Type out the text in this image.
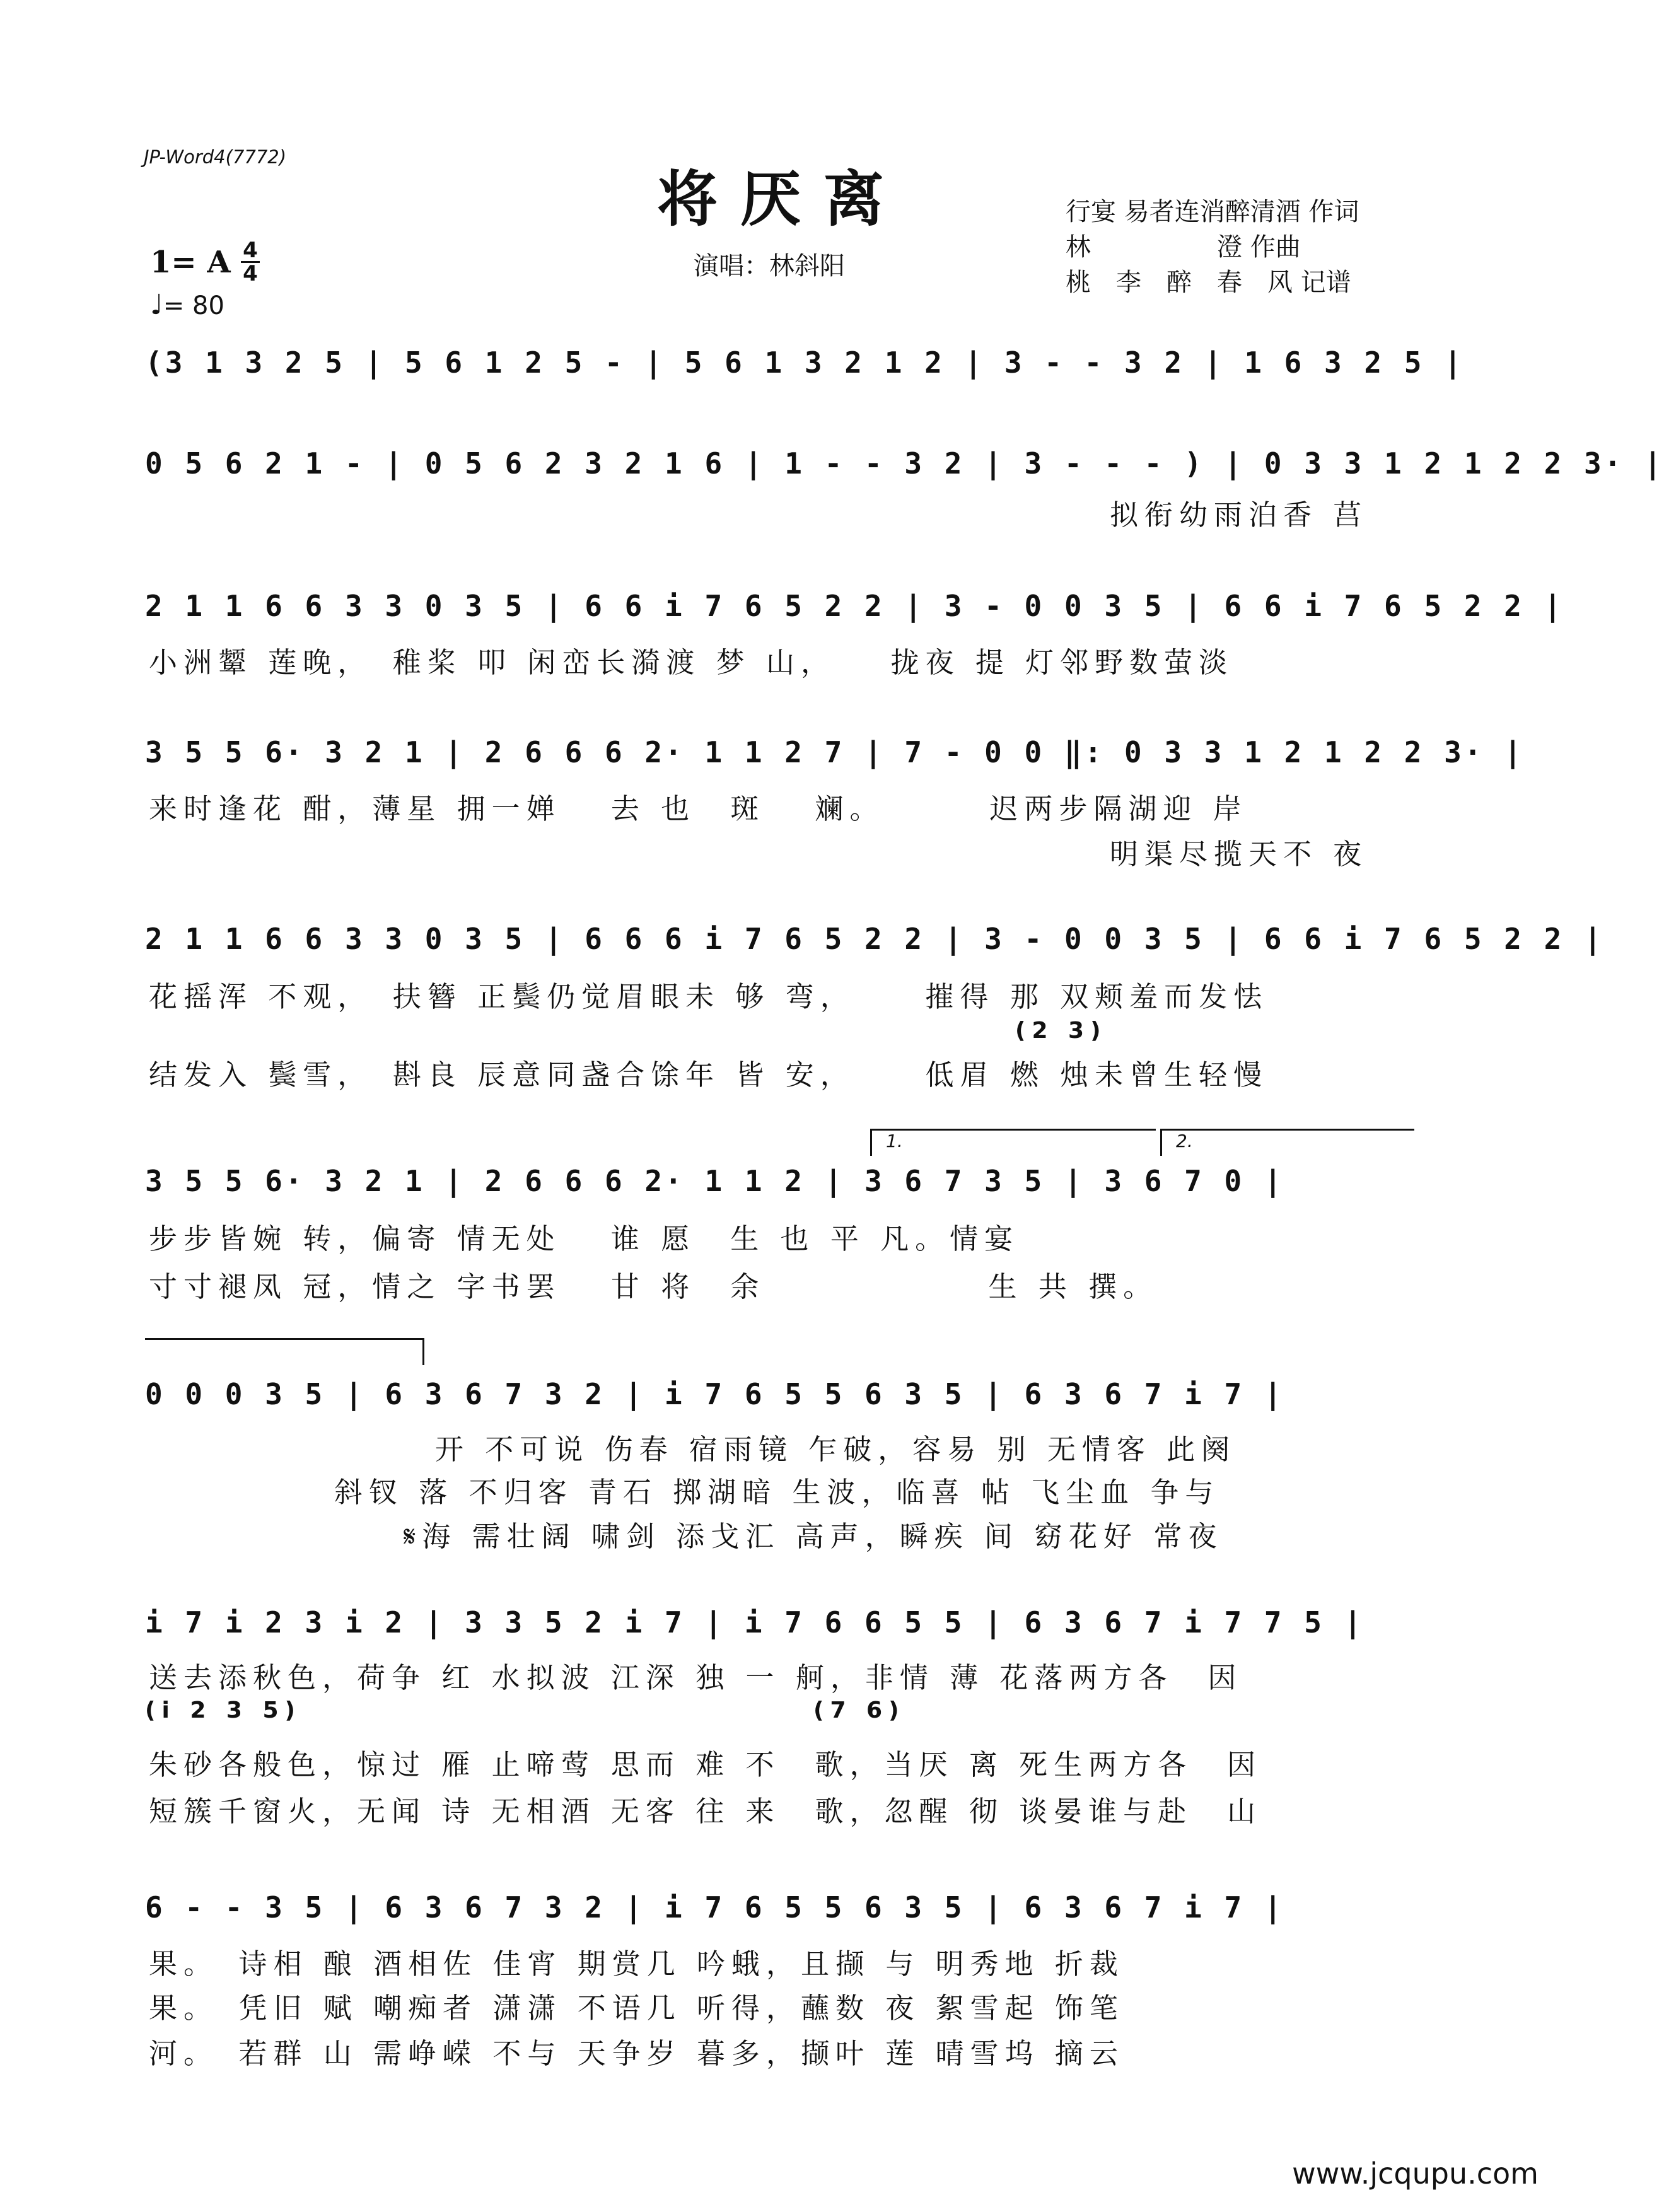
JP-Word4(7772)
将厌离
演唱：林斜阳
行宴 易者连消醉清酒 作词
林　　　　　澄 作曲
桃　李　醉　春　风 记谱
1= A 4
4
♩= 80
(3 1 3 2 5 | 5 6 1 2 5 - | 5 6 1 3 2 1 2 | 3 - - 3 2 | 1 6 3 2 5 |
0 5 6 2 1 - | 0 5 6 2 3 2 1 6 | 1 - - 3 2 | 3 - - - ) | 0 3 3 1 2 1 2 2 3· |
拟衔幼雨泊香 莒
2 1 1 6 6 3 3 0 3 5 | 6 6 i 7 6 5 2 2 | 3 - 0 0 3 5 | 6 6 i 7 6 5 2 2 |
小洲颦 莲晚，　稚桨 叩 闲峦长漪渡 梦 山，　　拢夜 提 灯邻野数萤淡
3 5 5 6· 3 2 1 | 2 6 6 6 2· 1 1 2 7 | 7 - 0 0 ‖: 0 3 3 1 2 1 2 2 3· |
来时逢花 酣，薄星 拥一婵　 去 也　斑　 斓。　　　 迟两步隔湖迎 岸
明渠尽揽天不 夜
2 1 1 6 6 3 3 0 3 5 | 6 6 6 i 7 6 5 2 2 | 3 - 0 0 3 5 | 6 6 i 7 6 5 2 2 |
花摇浑 不观，　扶簪 正鬓仍觉眉眼未 够 弯，　　 摧得 那 双颊羞而发怯
(2 3)
结发入 鬓雪，　斟良 辰意同盏合馀年 皆 安，　　 低眉 燃 烛未曾生轻慢
1.	2.
3 5 5 6· 3 2 1 | 2 6 6 6 2· 1 1 2 | 3 6 7 3 5 | 3 6 7 0 |
步步皆婉 转，偏寄 情无处　 谁 愿　生 也 平 凡。情宴
寸寸褪凤 冠，情之 字书罢　 甘 将　余　　　　　　 生 共 撰。
0 0 0 3 5 | 6 3 6 7 3 2 | i 7 6 5 5 6 3 5 | 6 3 6 7 i 7 |
开 不可说 伤春 宿雨镜 乍破，容易 别 无情客 此阕
斜钗 落 不归客 青石 掷湖暗 生波，临喜 帖 飞尘血 争与
𝄋海 需壮阔 啸剑 添戈汇 高声，瞬疾 间 窈花好 常夜
i 7 i 2 3 i 2 | 3 3 5 2 i 7 | i 7 6 6 5 5 | 6 3 6 7 i 7 7 5 |
送去添秋色，荷争 红 水拟波 江深 独 一 舸，非情 薄 花落两方各　因
(i 2 3 5)	(7 6)
朱砂各般色，惊过 雁 止啼莺 思而 难 不　歌，当厌 离 死生两方各　因
短簇千窗火，无闻 诗 无相酒 无客 往 来　歌，忽醒 彻 谈晏谁与赴　山
6 - - 3 5 | 6 3 6 7 3 2 | i 7 6 5 5 6 3 5 | 6 3 6 7 i 7 |
果。　诗相 酿 酒相佐 佳宵 期赏几 吟蛾，且撷 与 明秀地 折裁
果。　凭旧 赋 嘲痴者 潇潇 不语几 听得，蘸数 夜 絮雪起 饰笔
河。　若群 山 需峥嵘 不与 天争岁 暮多，撷叶 莲 晴雪坞 摘云
www.jcqupu.com
